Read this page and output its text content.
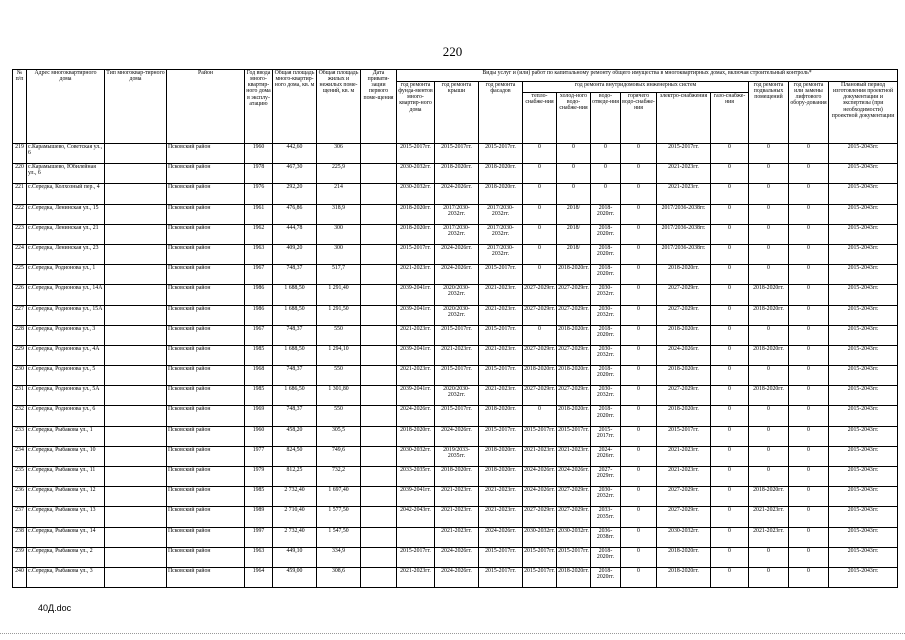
220
№ п/п	Адрес многоквартирного дома	Тип многоквар-тирного дома	Район	Год ввода много-квартир-ного дома в эксплу-атацию	Общая площадь много-квартир-ного дома, кв. м	Общая площадь жилых и нежилых поме-щений, кв. м	Дата привати-зации первого поме-щения	Виды услуг и (или) работ по капитальному ремонту общего имущества в многоквартирных домах, включая строительный контроль*											
								год ремонта фунда-ментов много-квартир-ного дома	год ремонта крыши	год ремонта фасадов	год ремонта внутридомовых инженерных систем						год ремонта подвальных помещений	год ремонта или замены лифтового обору-дования	Плановый период изготовления проектной документации и экспертизы (при необходимости) проектной документации
											тепло-снабже-ния	холод-ного водо-снабже-ния	водо-отведе-ния	горячего водо-снабже-ния	электро-снабжения	газо-снабже-ния			
219	с.Карамышево, Советская ул., 6		Псковский район	1960	442,60	306		2015-2017гг.	2015-2017гг.	2015-2017гг.	0	0	0	0	2015-2017гг.	0	0	0	2015-2043гг.
220	с.Карамышево, Юбилейная ул., 6		Псковский район	1978	467,30	225,9		2030-2032гг.	2018-2020гг.	2018-2020гг.	0	0	0	0	2021-2023гг.	0	0	0	2015-2043гг.
221	с.Середка, Колхозный пер., 4		Псковский район	1976	292,20	214		2030-2032гг.	2024-2026гг.	2018-2020гг.	0	0	0	0	2021-2023гг.	0	0	0	2015-2043гг.
222	с.Середка, Ленинская ул., 15		Псковский район	1961	476,86	318,9		2018-2020гг.	2017/2030-2032гг.	2017/2030-2032гг.	0	2018/	2018-2020гг.	0	2017/2036-2038гг.	0	0	0	2015-2043гг.
223	с.Середка, Ленинская ул., 21		Псковский район	1962	444,78	300		2018-2020гг.	2017/2030-2032гг.	2017/2030-2032гг.	0	2018/	2018-2020гг.	0	2017/2036-2038гг.	0	0	0	2015-2043гг.
224	с.Середка, Ленинская ул., 23		Псковский район	1963	409,20	300		2015-2017гг.	2024-2026гг.	2017/2030-2032гг.	0	2018/	2018-2020гг.	0	2017/2036-2038гг.	0	0	0	2015-2043гг.
225	с.Середка, Родионова ул., 1		Псковский район	1967	748,37	517,7		2021-2023гг.	2024-2026гг.	2015-2017гг.	0	2018-2020гг.	2018-2020гг.	0	2018-2020гг.	0	0	0	2015-2043гг.
226	с.Середка, Родионова ул., 14А		Псковский район	1986	1 688,50	1 291,40		2039-2041гг.	2020/2030-2032гг.	2021-2023гг.	2027-2029гг.	2027-2029гг.	2030-2032гг.	0	2027-2029гг.	0	2018-2020гг.	0	2015-2043гг.
227	с.Середка, Родионова ул., 15А		Псковский район	1986	1 688,50	1 291,50		2039-2041гг.	2020/2030-2032гг.	2021-2023гг.	2027-2029гг.	2027-2029гг.	2030-2032гг.	0	2027-2029гг.	0	2018-2020гг.	0	2015-2043гг.
228	с.Середка, Родионова ул., 3		Псковский район	1967	748,37	550		2021-2023гг.	2015-2017гг.	2015-2017гг.	0	2018-2020гг.	2018-2020гг.	0	2018-2020гг.	0	0	0	2015-2043гг.
229	с.Середка, Родионова ул., 4А		Псковский район	1985	1 688,50	1 294,10		2039-2041гг.	2021-2023гг.	2021-2023гг.	2027-2029гг.	2027-2029гг.	2030-2032гг.	0	2024-2026гг.	0	2018-2020гг.	0	2015-2043гг.
230	с.Середка, Родионова ул., 5		Псковский район	1968	748,37	550		2021-2023гг.	2015-2017гг.	2015-2017гг.	2018-2020гг.	2018-2020гг.	2018-2020гг.	0	2018-2020гг.	0	0	0	2015-2043гг.
231	с.Середка, Родионова ул., 5А		Псковский район	1985	1 686,50	1 301,80		2039-2041гг.	2020/2030-2032гг.	2021-2023гг.	2027-2029гг.	2027-2029гг.	2030-2032гг.	0	2027-2029гг.	0	2018-2020гг.	0	2015-2043гг.
232	с.Середка, Родионова ул., 6		Псковский район	1969	748,37	550		2024-2026гг.	2015-2017гг.	2018-2020гг.	0	2018-2020гг.	2018-2020гг.	0	2018-2020гг.	0	0	0	2015-2043гг.
233	с.Середка, Рыбакова ул., 1		Псковский район	1960	458,20	305,5		2018-2020гг.	2024-2026гг.	2015-2017гг.	2015-2017гг.	2015-2017гг.	2015-2017гг.	0	2015-2017гг.	0	0	0	2015-2043гг.
234	с.Середка, Рыбакова ул., 10		Псковский район	1977	824,50	749,6		2030-2032гг.	2019/2033-2035гг.	2018-2020гг.	2021-2023гг.	2021-2023гг.	2024-2026гг.	0	2021-2023гг.	0	0	0	2015-2043гг.
235	с.Середка, Рыбакова ул., 11		Псковский район	1979	812,25	732,2		2033-2035гг.	2018-2020гг.	2018-2020гг.	2024-2026гг.	2024-2026гг.	2027-2029гг.	0	2021-2023гг.	0	0	0	2015-2043гг.
236	с.Середка, Рыбакова ул., 12		Псковский район	1985	2 732,40	1 697,40		2039-2041гг.	2021-2023гг.	2021-2023гг.	2024-2026гг.	2027-2029гг.	2030-2032гг.	0	2027-2029гг.	0	2018-2020гг.	0	2015-2043гг.
237	с.Середка, Рыбакова ул., 13		Псковский район	1989	2 710,40	1 577,50		2042-2043гг.	2021-2023гг.	2021-2023гг.	2027-2029гг.	2027-2029гг.	2033-2035гг.	0	2027-2029гг.	0	2021-2023гг.	0	2015-2043гг.
238	с.Середка, Рыбакова ул., 14		Псковский район	1997	2 732,40	1 547,50			2021-2023гг.	2024-2026гг.	2030-2032гг.	2030-2032гг.	2036-2038гг.	0	2030-2032гг.	0	2021-2023гг.	0	2015-2043гг.
239	с.Середка, Рыбакова ул., 2		Псковский район	1963	449,10	334,9		2015-2017гг.	2024-2026гг.	2015-2017гг.	2015-2017гг.	2015-2017гг.	2018-2020гг.	0	2018-2020гг.	0	0	0	2015-2043гг.
240	с.Середка, Рыбакова ул., 3		Псковский район	1964	459,00	308,6		2021-2023гг.	2024-2026гг.	2015-2017гг.	2015-2017гг.	2018-2020гг.	2018-2020гг.	0	2018-2020гг.	0	0	0	2015-2043гг.
40Д.doc
